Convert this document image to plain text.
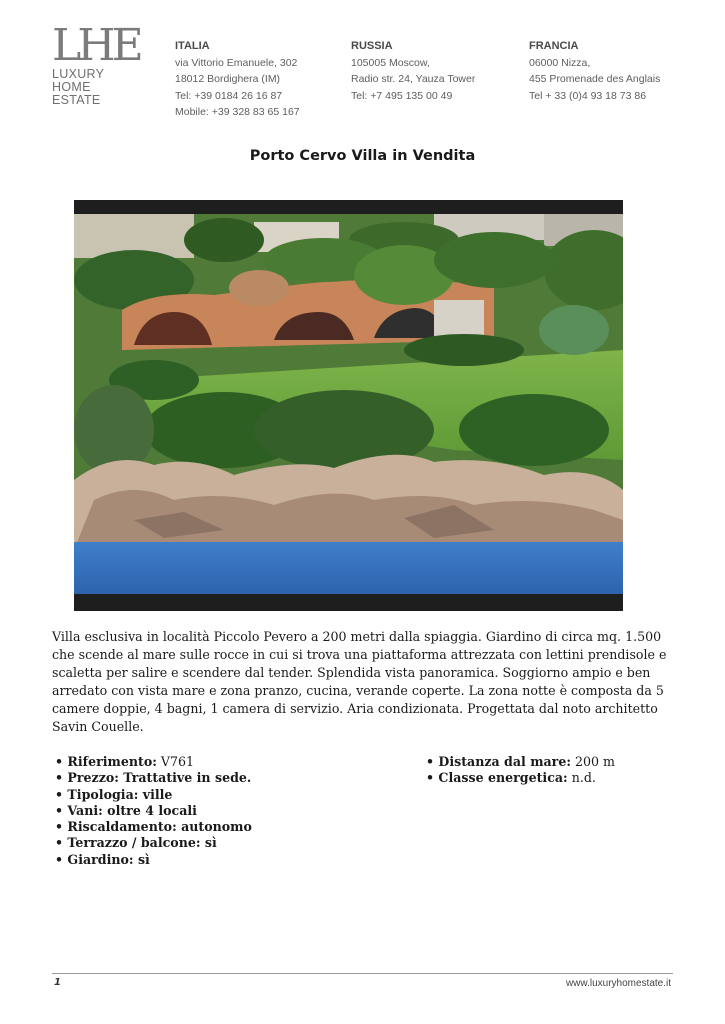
LHE
LUXURY
HOME
ESTATE
ITALIA
via Vittorio Emanuele, 302
18012 Bordighera (IM)
Tel: +39 0184 26 16 87
Mobile: +39 328 83 65 167
RUSSIA
105005 Moscow,
Radio str. 24, Yauza Tower
Tel: +7 495 135 00 49
FRANCIA
06000 Nizza,
455 Promenade des Anglais
Tel + 33 (0)4 93 18 73 86
Porto Cervo Villa in Vendita
Villa esclusiva in località Piccolo Pevero a 200 metri dalla spiaggia. Giardino di circa mq. 1.500 che scende al mare sulle rocce in cui si trova una piattaforma attrezzata con lettini prendisole e scaletta per salire e scendere dal tender. Splendida vista panoramica. Soggiorno ampio e ben arredato con vista mare e zona pranzo, cucina, verande coperte. La zona notte è composta da 5 camere doppie, 4 bagni, 1 camera di servizio. Aria condizionata. Progettata dal noto architetto Savin Couelle.
• Riferimento: V761
• Prezzo: Trattative in sede.
• Tipologia: ville
• Vani: oltre 4 locali
• Riscaldamento: autonomo
• Terrazzo / balcone: sì
• Giardino: sì
• Distanza dal mare: 200 m
• Classe energetica: n.d.
1	www.luxuryhomestate.it
